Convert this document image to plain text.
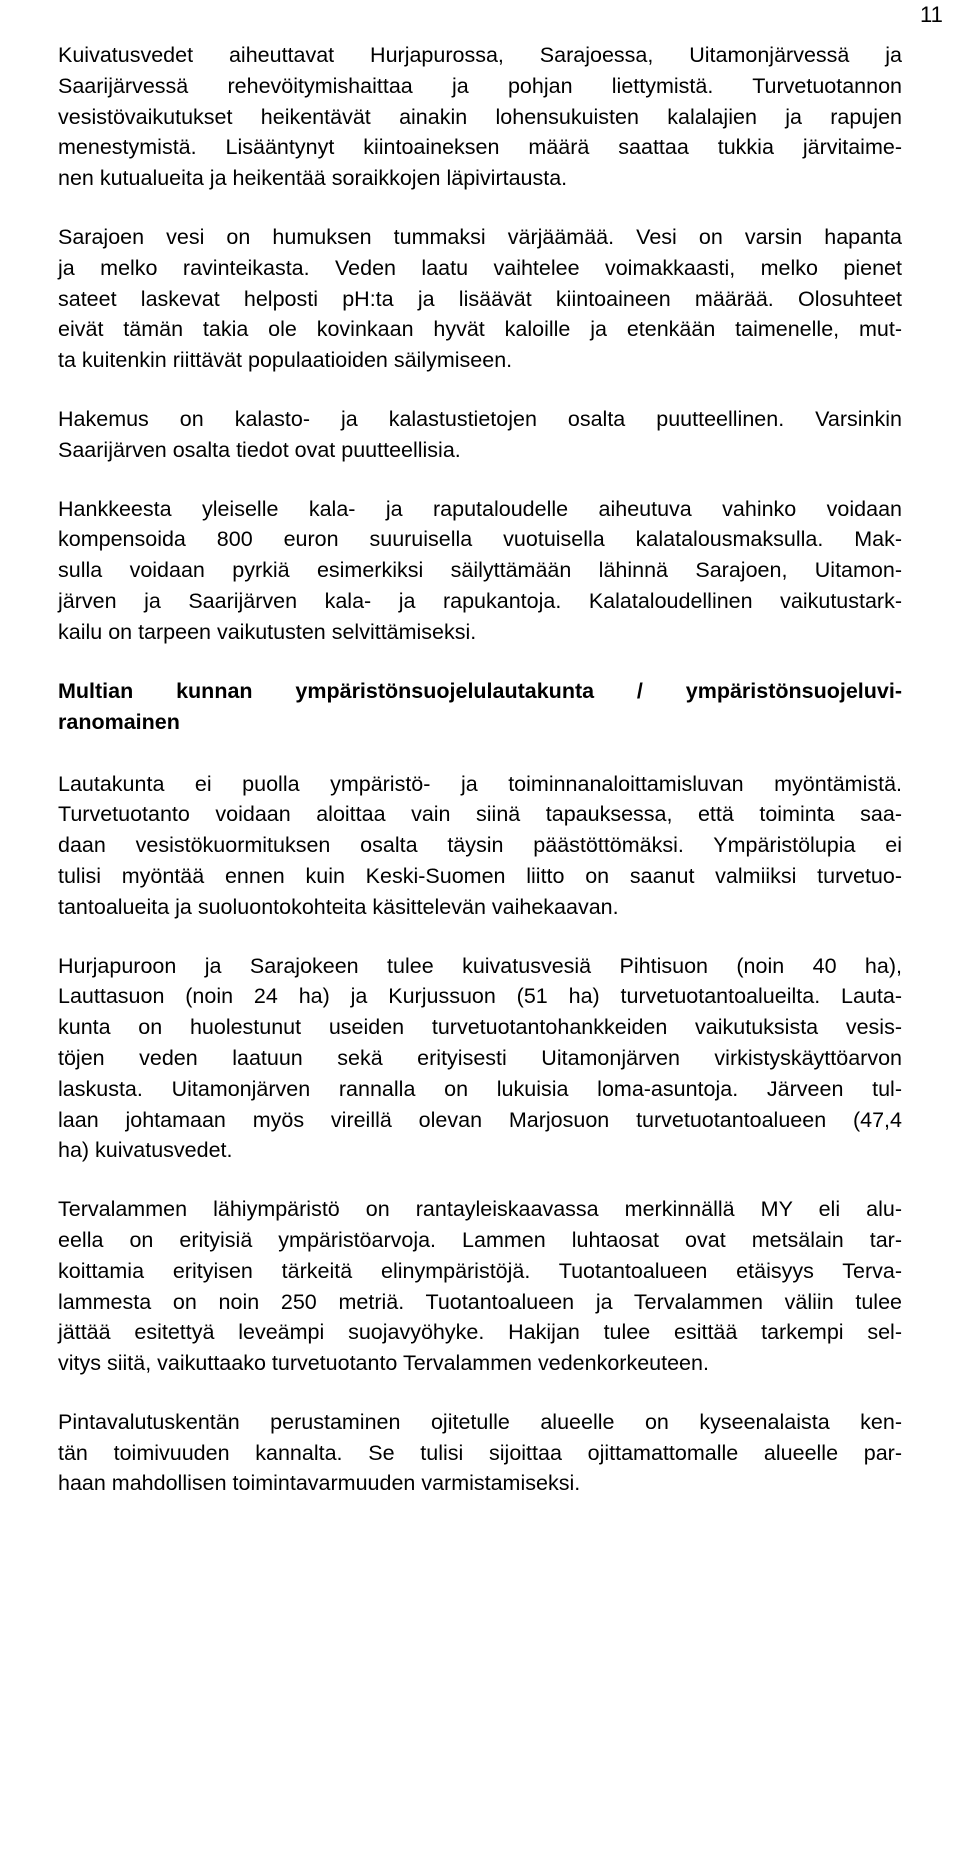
11

Kuivatusvedet aiheuttavat Hurjapurossa, Sarajoessa, Uitamonjärvessä ja
Saarijärvessä rehevöitymishaittaa ja pohjan liettymistä. Turvetuotannon
vesistövaikutukset heikentävät ainakin lohensukuisten kalalajien ja rapujen
menestymistä. Lisääntynyt kiintoaineksen määrä saattaa tukkia järvitaime-
nen kutualueita ja heikentää soraikkojen läpivirtausta.

Sarajoen vesi on humuksen tummaksi värjäämää. Vesi on varsin hapanta
ja melko ravinteikasta. Veden laatu vaihtelee voimakkaasti, melko pienet
sateet laskevat helposti pH:ta ja lisäävät kiintoaineen määrää. Olosuhteet
eivät tämän takia ole kovinkaan hyvät kaloille ja etenkään taimenelle, mut-
ta kuitenkin riittävät populaatioiden säilymiseen.

Hakemus on kalasto- ja kalastustietojen osalta puutteellinen. Varsinkin
Saarijärven osalta tiedot ovat puutteellisia.

Hankkeesta yleiselle kala- ja raputaloudelle aiheutuva vahinko voidaan
kompensoida 800 euron suuruisella vuotuisella kalatalousmaksulla. Mak-
sulla voidaan pyrkiä esimerkiksi säilyttämään lähinnä Sarajoen, Uitamon-
järven ja Saarijärven kala- ja rapukantoja. Kalataloudellinen vaikutustark-
kailu on tarpeen vaikutusten selvittämiseksi.

Multian kunnan ympäristönsuojelulautakunta / ympäristönsuojeluvi-
ranomainen

Lautakunta ei puolla ympäristö- ja toiminnanaloittamisluvan myöntämistä.
Turvetuotanto voidaan aloittaa vain siinä tapauksessa, että toiminta saa-
daan vesistökuormituksen osalta täysin päästöttömäksi. Ympäristölupia ei
tulisi myöntää ennen kuin Keski-Suomen liitto on saanut valmiiksi turvetuo-
tantoalueita ja suoluontokohteita käsittelevän vaihekaavan.

Hurjapuroon ja Sarajokeen tulee kuivatusvesiä Pihtisuon (noin 40 ha),
Lauttasuon (noin 24 ha) ja Kurjussuon (51 ha) turvetuotantoalueilta. Lauta-
kunta on huolestunut useiden turvetuotantohankkeiden vaikutuksista vesis-
töjen veden laatuun sekä erityisesti Uitamonjärven virkistyskäyttöarvon
laskusta. Uitamonjärven rannalla on lukuisia loma-asuntoja. Järveen tul-
laan johtamaan myös vireillä olevan Marjosuon turvetuotantoalueen (47,4
ha) kuivatusvedet.

Tervalammen lähiympäristö on rantayleiskaavassa merkinnällä MY eli alu-
eella on erityisiä ympäristöarvoja. Lammen luhtaosat ovat metsälain tar-
koittamia erityisen tärkeitä elinympäristöjä. Tuotantoalueen etäisyys Terva-
lammesta on noin 250 metriä. Tuotantoalueen ja Tervalammen väliin tulee
jättää esitettyä leveämpi suojavyöhyke. Hakijan tulee esittää tarkempi sel-
vitys siitä, vaikuttaako turvetuotanto Tervalammen vedenkorkeuteen.

Pintavalutuskentän perustaminen ojitetulle alueelle on kyseenalaista ken-
tän toimivuuden kannalta. Se tulisi sijoittaa ojittamattomalle alueelle par-
haan mahdollisen toimintavarmuuden varmistamiseksi.
